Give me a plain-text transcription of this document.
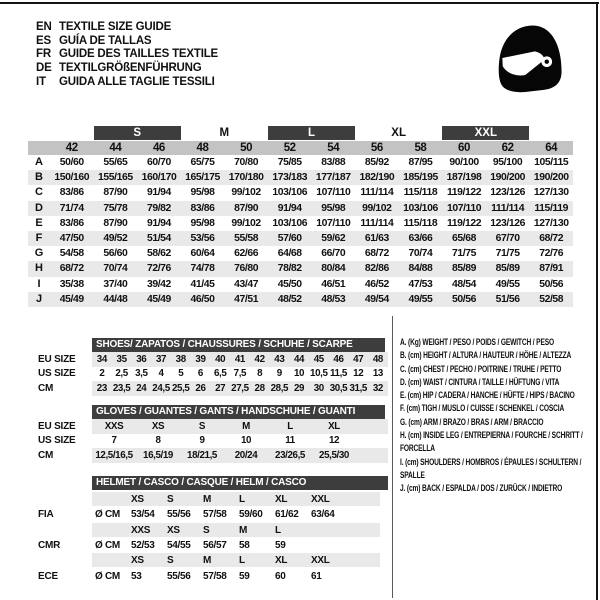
EN TEXTILE SIZE GUIDE
ES GUÍA DE TALLAS
FR GUIDE DES TAILLES TEXTILE
DE TEXTILGRÖßENFÜHRUNG
IT	GUIDA ALLE TAGLIE TESSILI
S	M	L	XL	XXL
42	44	46	48	50	52	54	56	58	60	62	64
A	50/60	55/65	60/70	65/75	70/80	75/85	83/88	85/92	87/95	90/100	95/100	105/115
B	150/160 155/165 160/170 165/175 170/180 173/183 177/187 182/190 185/195 187/198 190/200 190/200
C	83/86	87/90	91/94	95/98	99/102	103/106 107/110 111/114 115/118 119/122 123/126 127/130
D	71/74	75/78	79/82	83/86	87/90	91/94	95/98	99/102	103/106 107/110 111/114 115/119
E	83/86	87/90	91/94	95/98	99/102	103/106 107/110 111/114 115/118 119/122 123/126 127/130
F	47/50	49/52	51/54	53/56	55/58	57/60	59/62	61/63	63/66	65/68	67/70	68/72
G	54/58	56/60	58/62	60/64	62/66	64/68	66/70	68/72	70/74	71/75	71/75	72/76
H	68/72	70/74	72/76	74/78	76/80	78/82	80/84	82/86	84/88	85/89	85/89	87/91
I	35/38	37/40	39/42	41/45	43/47	45/50	46/51	46/52	47/53	48/54	49/55	50/56
J	45/49	44/48	45/49	46/50	47/51	48/52	48/53	49/54	49/55	50/56	51/56	52/58
SHOES/ ZAPATOS / CHAUSSURES / SCHUHE / SCARPE
EU SIZE	34 35 36 37 38 39 40 41 42 43 44 45 46 47 48
US SIZE	2	2,5 3,5	4	5	6	6,5 7,5	8	9	10 10,5 11,5 12 13
CM	23 23,5 24 24,5 25,5 26 27 27,5 28 28,5 29 30 30,5 31,5 32
GLOVES / GUANTES / GANTS / HANDSCHUHE / GUANTI
EU SIZE	XXS	XS	S	M	L	XL
US SIZE	7	8	9	10	11	12
CM	12,5/16,5	16,5/19	18/21,5	20/24	23/26,5	25,5/30
HELMET / CASCO / CASQUE / HELM / CASCO
XS	S	M	L	XL	XXL
FIA	Ø CM	53/54	55/56	57/58	59/60	61/62	63/64
XXS	XS	S	M	L
CMR	Ø CM	52/53	54/55	56/57	58	59
XS	S	M	L	XL	XXL
ECE	Ø CM	53	55/56	57/58	59	60	61
A. (Kg) WEIGHT / PESO / POIDS / GEWITCH / PESO
B. (cm) HEIGHT / ALTURA / HAUTEUR / HÖHE / ALTEZZA
C. (cm) CHEST / PECHO / POITRINE / TRUHE / PETTO
D. (cm) WAIST / CINTURA / TAILLE / HÜFTUNG / VITA
E. (cm) HIP / CADERA / HANCHE / HÜFTE / HIPS / BACINO
F. (cm) TIGH / MUSLO / CUISSE / SCHENKEL / COSCIA
G. (cm) ARM / BRAZO / BRAS / ARM / BRACCIO
H. (cm) INSIDE LEG / ENTREPIERNA / FOURCHE / SCHRITT / FORCELLA
I. (cm) SHOULDERS / HOMBROS / ÉPAULES / SCHULTERN / SPALLE
J. (cm) BACK / ESPALDA / DOS / ZURÜCK / INDIETRO
